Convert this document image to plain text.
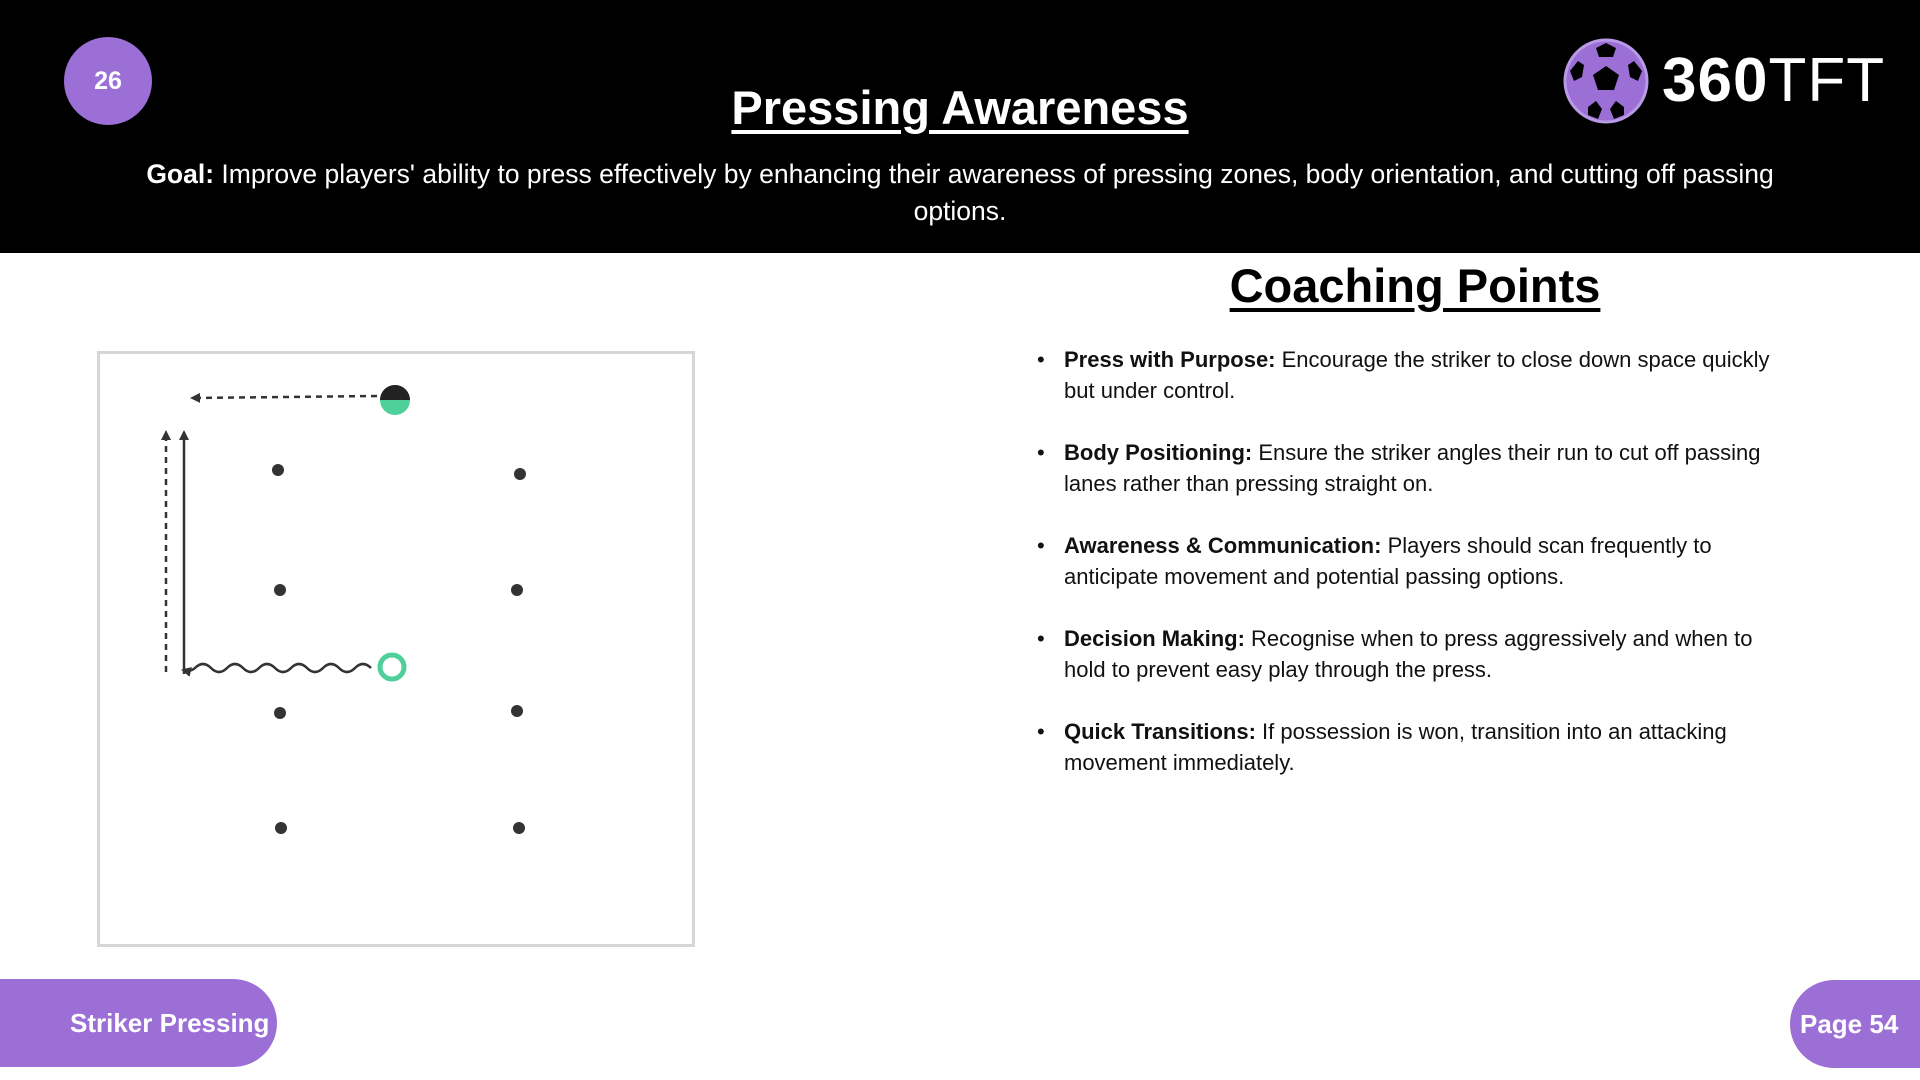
26
Pressing Awareness
Goal: Improve players' ability to press effectively by enhancing their awareness of pressing zones, body orientation, and cutting off passing options.
360TFT
Coaching Points
• Press with Purpose: Encourage the striker to close down space quickly but under control.
• Body Positioning: Ensure the striker angles their run to cut off passing lanes rather than pressing straight on.
• Awareness & Communication: Players should scan frequently to anticipate movement and potential passing options.
• Decision Making: Recognise when to press aggressively and when to hold to prevent easy play through the press.
• Quick Transitions: If possession is won, transition into an attacking movement immediately.
Striker Pressing	Page 54
